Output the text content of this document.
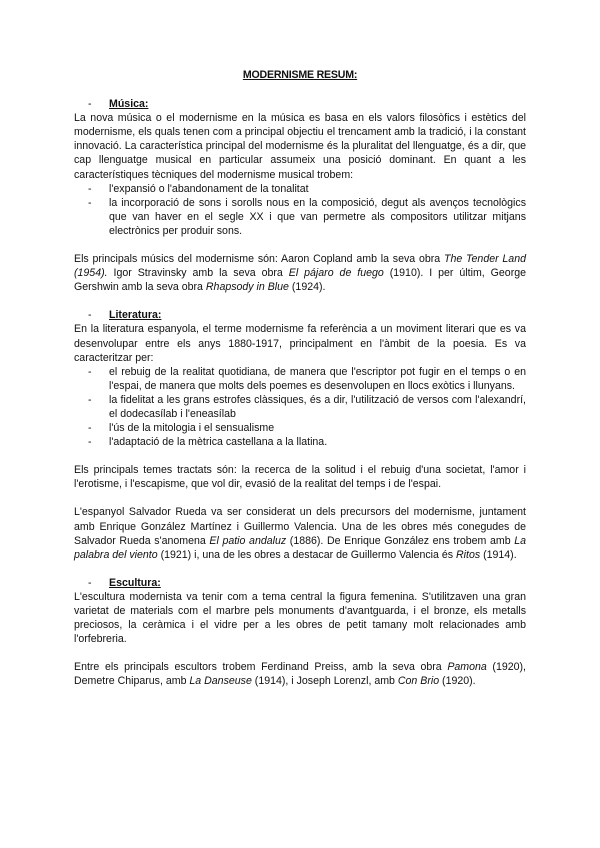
MODERNISME RESUM:
-	Música:

La nova música o el modernisme en la música es basa en els valors filosòfics i estètics del modernisme, els quals tenen com a principal objectiu el trencament amb la tradició, i la constant innovació. La característica principal del modernisme és la pluralitat del llenguatge, és a dir, que cap llenguatge musical en particular assumeix una posició dominant. En quant a les característiques tècniques del modernisme musical trobem:

-	l'expansió o l'abandonament de la tonalitat
-	la incorporació de sons i sorolls nous en la composició, degut als avenços tecnològics que van haver en el segle XX i que van permetre als compositors utilitzar mitjans electrònics per produir sons.

Els principals músics del modernisme són: Aaron Copland amb la seva obra The Tender Land (1954). Igor Stravinsky amb la seva obra El pájaro de fuego (1910). I per últim, George Gershwin amb la seva obra Rhapsody in Blue (1924).

-	Literatura:

En la literatura espanyola, el terme modernisme fa referència a un moviment literari que es va desenvolupar entre els anys 1880-1917, principalment en l'àmbit de la poesia. Es va caracteritzar per:

-	el rebuig de la realitat quotidiana, de manera que l'escriptor pot fugir en el temps o en l'espai, de manera que molts dels poemes es desenvolupen en llocs exòtics i llunyans.
-	la fidelitat a les grans estrofes clàssiques, és a dir, l'utilització de versos com l'alexandrí, el dodecasílab i l'eneasílab
-	l'ús de la mitologia i el sensualisme
-	l'adaptació de la mètrica castellana a la llatina.

Els principals temes tractats són: la recerca de la solitud i el rebuig d'una societat, l'amor i l'erotisme, i l'escapisme, que vol dir, evasió de la realitat del temps i de l'espai.

L'espanyol Salvador Rueda va ser considerat un dels precursors del modernisme, juntament amb Enrique González Martínez i Guillermo Valencia. Una de les obres més conegudes de Salvador Rueda s'anomena El patio andaluz (1886). De Enrique González ens trobem amb La palabra del viento (1921) i, una de les obres a destacar de Guillermo Valencia és Ritos (1914).

-	Escultura:

L'escultura modernista va tenir com a tema central la figura femenina. S'utilitzaven una gran varietat de materials com el marbre pels monuments d'avantguarda, i el bronze, els metalls preciosos, la ceràmica i el vidre per a les obres de petit tamany molt relacionades amb l'orfebreria.

Entre els principals escultors trobem Ferdinand Preiss, amb la seva obra Pamona (1920), Demetre Chiparus, amb La Danseuse (1914), i Joseph Lorenzl, amb Con Brio (1920).
